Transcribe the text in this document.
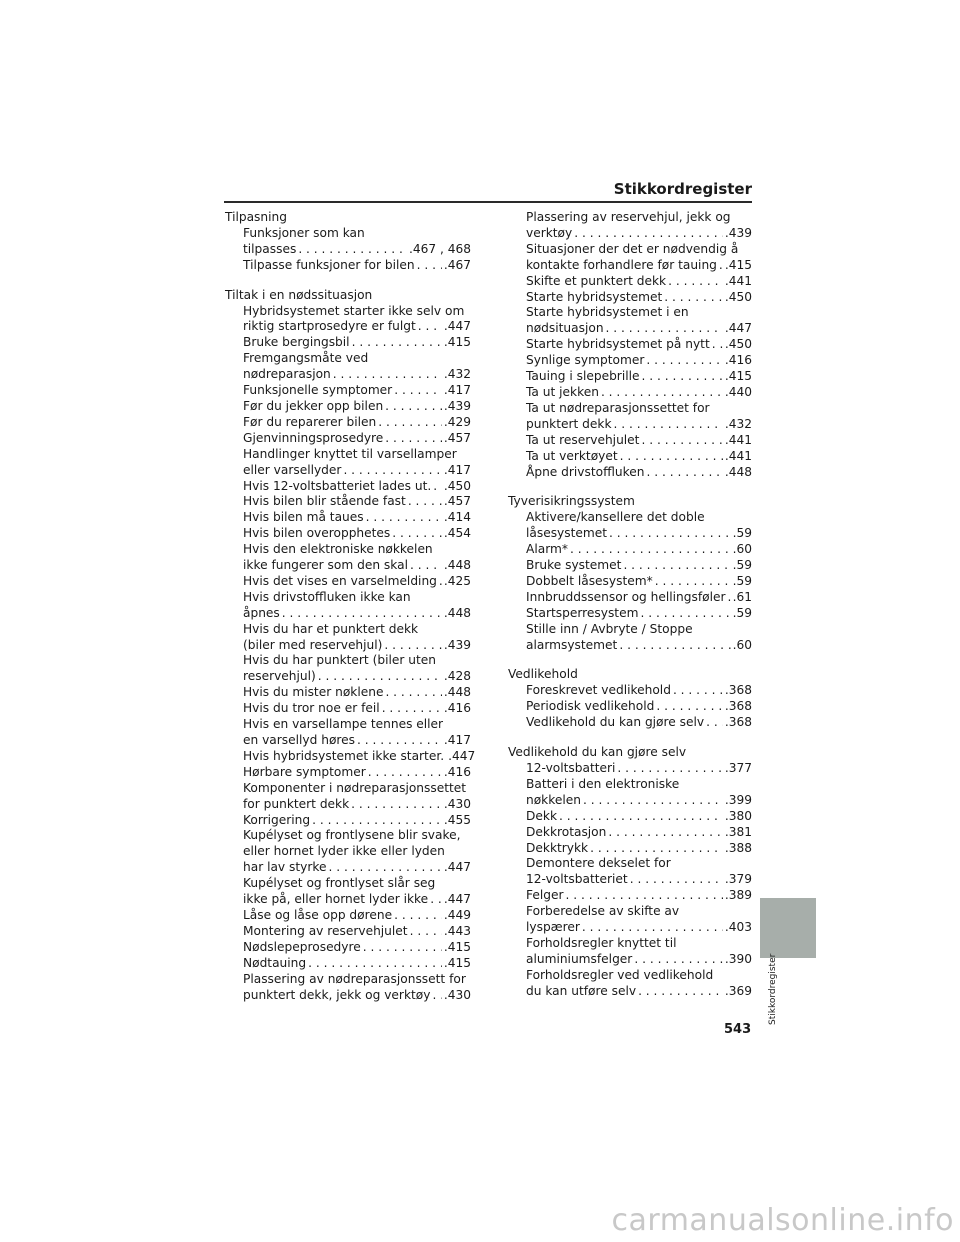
Stikkordregister
Tilpasning
Funksjoner som kan
tilpasses . . .	.467 , 468
Tilpasse funksjoner for bilen . . . .467
Tiltak i en nødssituasjon
Hybridsystemet starter ikke selv om
riktig startprosedyre er fulgt . . . .447
Bruke bergingsbil . . .	.415
Fremgangsmåte ved
nødreparasjon . . .	.432
Funksjonelle symptomer . . .	.417
Før du jekker opp bilen . . .	.439
Før du reparerer bilen . . .	.429
Gjenvinningsprosedyre . . .	.457
Handlinger knyttet til varsellamper
eller varsellyder . . .	.417
Hvis 12-voltsbatteriet lades ut. . . . .450
Hvis bilen blir stående fast . . .	.457
Hvis bilen må taues . . .	.414
Hvis bilen overopphetes . . .	.454
Hvis den elektroniske nøkkelen
ikke fungerer som den skal . . .	.448
Hvis det vises en varselmelding . . . .425
Hvis drivstoffluken ikke kan
åpnes . . .	.448
Hvis du har et punktert dekk
(biler med reservehjul) . . .	.439
Hvis du har punktert (biler uten
reservehjul) . . .	.428
Hvis du mister nøklene . . .	.448
Hvis du tror noe er feil . . .	.416
Hvis en varsellampe tennes eller
en varsellyd høres . . .	.417
Hvis hybridsystemet ikke starter. .447
Hørbare symptomer . . .	.416
Komponenter i nødreparasjonssettet
for punktert dekk . . .	.430
Korrigering . . .	.455
Kupélyset og frontlysene blir svake,
eller hornet lyder ikke eller lyden
har lav styrke . . .	.447
Kupélyset og frontlyset slår seg
ikke på, eller hornet lyder ikke . . . .447
Låse og låse opp dørene . . .	.449
Montering av reservehjulet . . .	.443
Nødslepeprosedyre . . .	.415
Nødtauing . . .	.415
Plassering av nødreparasjonssett for
punktert dekk, jekk og verktøy . . . .430
Plassering av reservehjul, jekk og
verktøy . . .	.439
Situasjoner der det er nødvendig å
kontakte forhandlere før tauing . . . .415
Skifte et punktert dekk . . .	.441
Starte hybridsystemet . . .	.450
Starte hybridsystemet i en
nødsituasjon . . .	.447
Starte hybridsystemet på nytt . . . .450
Synlige symptomer . . .	.416
Tauing i slepebrille . . .	.415
Ta ut jekken . . .	.440
Ta ut nødreparasjonssettet for
punktert dekk . . .	.432
Ta ut reservehjulet . . .	.441
Ta ut verktøyet . . .	.441
Åpne drivstoffluken . . .	.448
Tyverisikringssystem
Aktivere/kansellere det doble
låsesystemet . . .	.59
Alarm* . . .	.60
Bruke systemet . . .	.59
Dobbelt låsesystem* . . .	.59
Innbruddssensor og hellingsføler . . . .61
Startsperresystem . . .	.59
Stille inn / Avbryte / Stoppe
alarmsystemet . . .	.60
Vedlikehold
Foreskrevet vedlikehold . . .	.368
Periodisk vedlikehold . . .	.368
Vedlikehold du kan gjøre selv . . . .368
Vedlikehold du kan gjøre selv
12-voltsbatteri . . .	.377
Batteri i den elektroniske
nøkkelen . . .	.399
Dekk . . .	.380
Dekkrotasjon . . .	.381
Dekktrykk . . .	.388
Demontere dekselet for
12-voltsbatteriet . . .	.379
Felger . . .	.389
Forberedelse av skifte av
lyspærer . . .	.403
Forholdsregler knyttet til
aluminiumsfelger . . .	.390
Forholdsregler ved vedlikehold
du kan utføre selv . . .	.369 Stikkordregister
543
carmanualsonline.info
